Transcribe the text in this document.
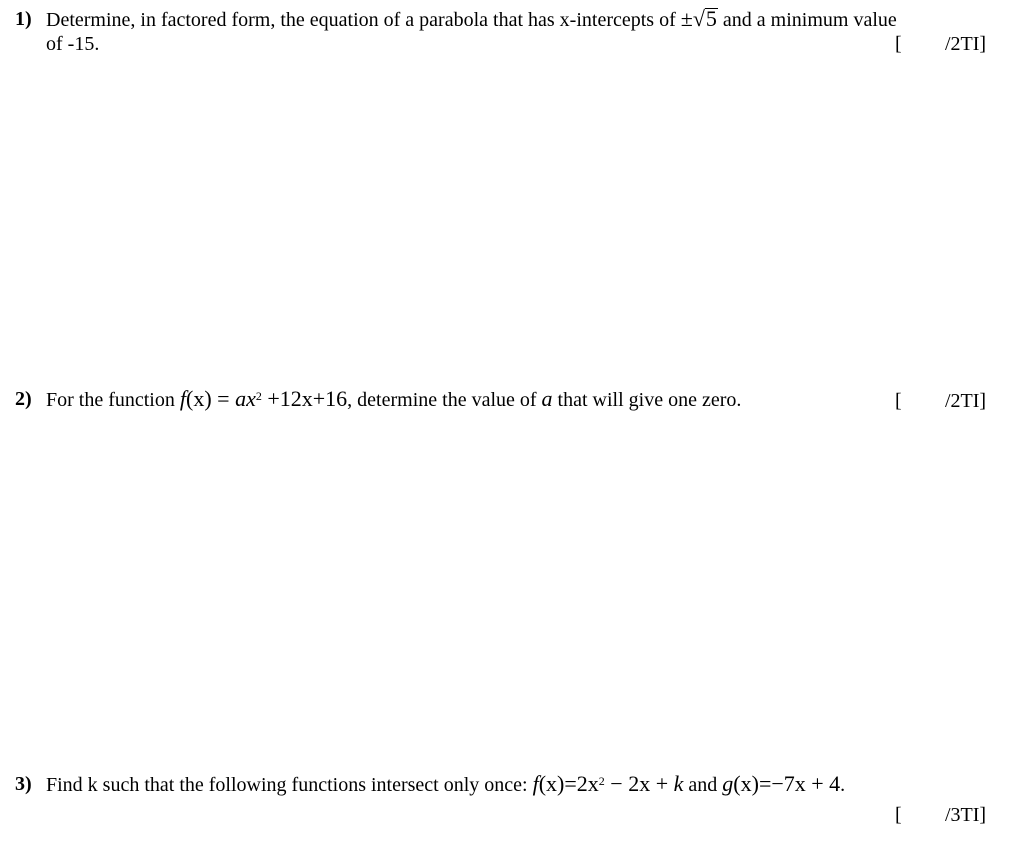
1) Determine, in factored form, the equation of a parabola that has x-intercepts of ±√5 and a minimum value
of -15.	[ /2TI]
2) For the function $f(x) = ax^2 +12x+16$, determine the value of a that will give one zero.	[ /2TI]
3) Find k such that the following functions intersect only once: $f(x)=2x^2 - 2x + k$ and g(x)=−7x + 4.
[ /3TI]
